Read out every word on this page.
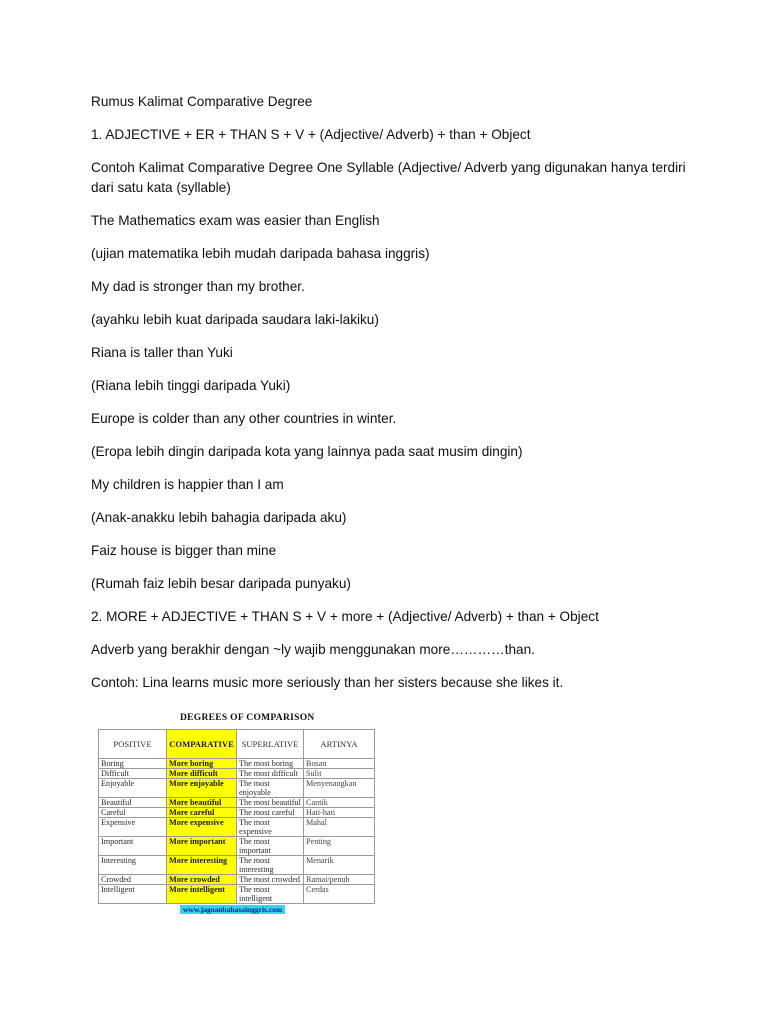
Rumus Kalimat Comparative Degree

1. ADJECTIVE + ER + THAN S + V + (Adjective/ Adverb) + than + Object

Contoh Kalimat Comparative Degree One Syllable (Adjective/ Adverb yang digunakan hanya terdiri dari satu kata (syllable)

The Mathematics exam was easier than English

(ujian matematika lebih mudah daripada bahasa inggris)

My dad is stronger than my brother.

(ayahku lebih kuat daripada saudara laki-lakiku)

Riana is taller than Yuki

(Riana lebih tinggi daripada Yuki)

Europe is colder than any other countries in winter.

(Eropa lebih dingin daripada kota yang lainnya pada saat musim dingin)

My children is happier than I am

(Anak-anakku lebih bahagia daripada aku)

Faiz house is bigger than mine

(Rumah faiz lebih besar daripada punyaku)

2. MORE + ADJECTIVE + THAN S + V + more + (Adjective/ Adverb) + than + Object

Adverb yang berakhir dengan ~ly wajib menggunakan more…………than.

Contoh: Lina learns music more seriously than her sisters because she likes it.

DEGREES OF COMPARISON

POSITIVE	COMPARATIVE	SUPERLATIVE	ARTINYA
Boring	More boring	The most boring	Bosan
Difficult	More difficult	The most difficult	Sulit
Enjoyable	More enjoyable	The most enjoyable	Menyenangkan
Beautiful	More beautiful	The most beautiful	Cantik
Careful	More careful	The most careful	Hati-hati
Expensive	More expensive	The most expensive	Mahal
Important	More important	The most important	Penting
Interesting	More interesting	The most interesting	Menarik
Crowded	More crowded	The most crowded	Ramai/penuh
Intelligent	More intelligent	The most intelligent	Cerdas
www.jagoanbahasainggris.com
